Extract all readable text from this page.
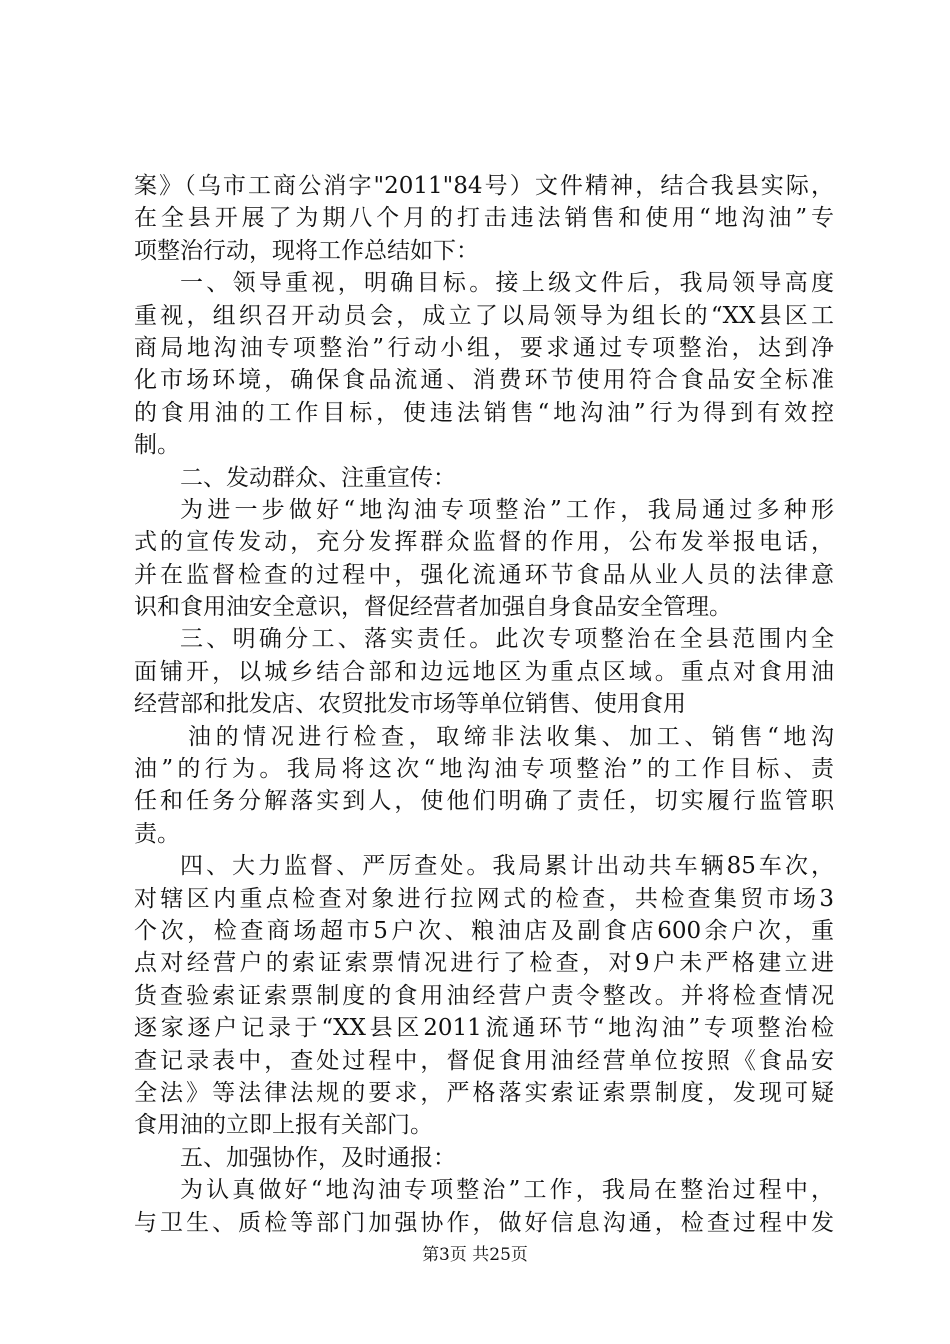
案》（乌市工商公消字"2011"84号）文件精神，结合我县实际，
在全县开展了为期八个月的打击违法销售和使用“地沟油”专
项整治行动，现将工作总结如下：
一、领导重视，明确目标。接上级文件后，我局领导高度
重视，组织召开动员会，成立了以局领导为组长的“XX县区工
商局地沟油专项整治”行动小组，要求通过专项整治，达到净
化市场环境，确保食品流通、消费环节使用符合食品安全标准
的食用油的工作目标，使违法销售“地沟油”行为得到有效控
制。
二、发动群众、注重宣传：
为进一步做好“地沟油专项整治”工作，我局通过多种形
式的宣传发动，充分发挥群众监督的作用，公布发举报电话，
并在监督检查的过程中，强化流通环节食品从业人员的法律意
识和食用油安全意识，督促经营者加强自身食品安全管理。
三、明确分工、落实责任。此次专项整治在全县范围内全
面铺开，以城乡结合部和边远地区为重点区域。重点对食用油
经营部和批发店、农贸批发市场等单位销售、使用食用
油的情况进行检查，取缔非法收集、加工、销售“地沟
油”的行为。我局将这次“地沟油专项整治”的工作目标、责
任和任务分解落实到人，使他们明确了责任，切实履行监管职
责。
四、大力监督、严厉查处。我局累计出动共车辆85车次，
对辖区内重点检查对象进行拉网式的检查，共检查集贸市场3
个次，检查商场超市5户次、粮油店及副食店600余户次，重
点对经营户的索证索票情况进行了检查，对9户未严格建立进
货查验索证索票制度的食用油经营户责令整改。并将检查情况
逐家逐户记录于“XX县区2011流通环节“地沟油”专项整治检
查记录表中，查处过程中，督促食用油经营单位按照《食品安
全法》等法律法规的要求，严格落实索证索票制度，发现可疑
食用油的立即上报有关部门。
五、加强协作，及时通报：
为认真做好“地沟油专项整治”工作，我局在整治过程中，
与卫生、质检等部门加强协作，做好信息沟通，检查过程中发
第3页 共25页
